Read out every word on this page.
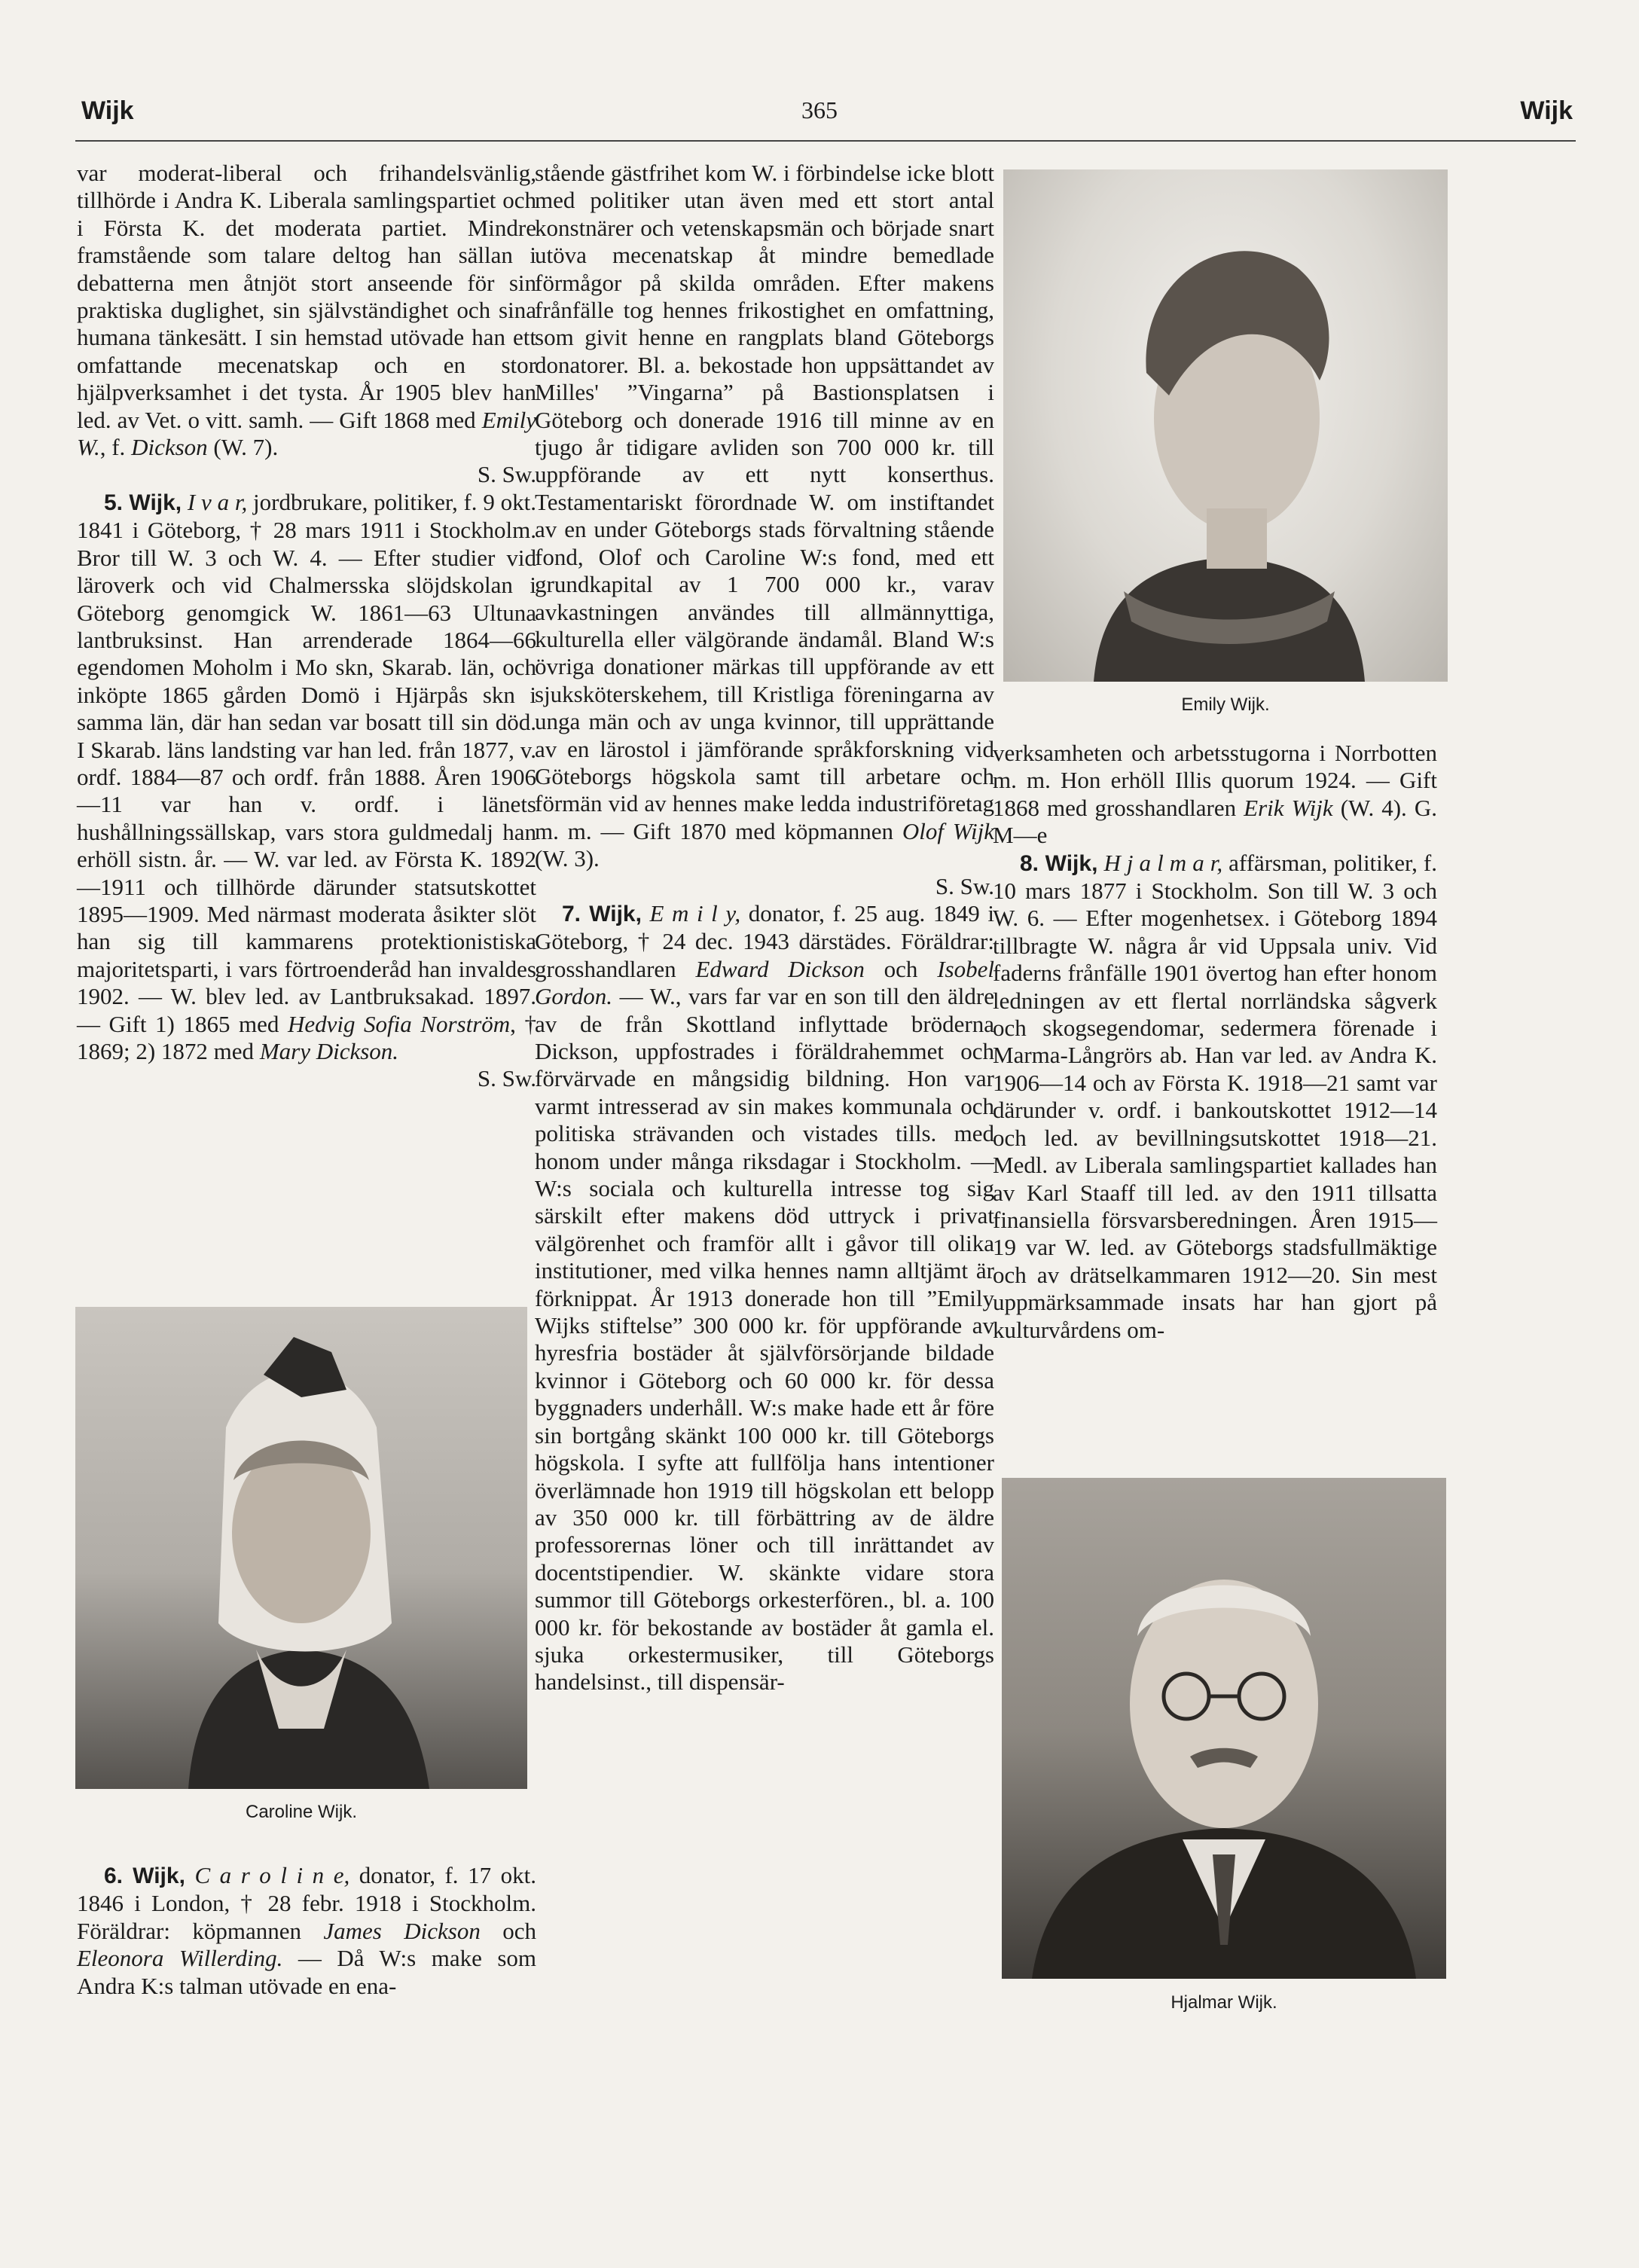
Wijk	365	Wijk

var moderat-liberal och frihandelsvänlig, tillhörde i Andra K. Liberala samlingspartiet och i Första K. det moderata partiet. Mindre framstående som talare deltog han sällan i debatterna men åtnjöt stort anseende för sin praktiska duglighet, sin självständighet och sina humana tänkesätt. I sin hemstad utövade han ett omfattande mecenatskap och en stor hjälpverksamhet i det tysta. År 1905 blev han led. av Vet. o vitt. samh. — Gift 1868 med Emily W., f. Dickson (W. 7).

S. Sw.

5. Wijk, I v a r, jordbrukare, politiker, f. 9 okt. 1841 i Göteborg, † 28 mars 1911 i Stockholm. Bror till W. 3 och W. 4. — Efter studier vid läroverk och vid Chalmersska slöjdskolan i Göteborg genomgick W. 1861—63 Ultuna lantbruksinst. Han arrenderade 1864—66 egendomen Moholm i Mo skn, Skarab. län, och inköpte 1865 gården Domö i Hjärpås skn i samma län, där han sedan var bosatt till sin död. I Skarab. läns landsting var han led. från 1877, v. ordf. 1884—87 och ordf. från 1888. Åren 1906—11 var han v. ordf. i länets hushållningssällskap, vars stora guldmedalj han erhöll sistn. år. — W. var led. av Första K. 1892—1911 och tillhörde därunder statsutskottet 1895—1909. Med närmast moderata åsikter slöt han sig till kammarens protektionistiska majoritetsparti, i vars förtroenderåd han invaldes 1902. — W. blev led. av Lantbruksakad. 1897. — Gift 1) 1865 med Hedvig Sofia Norström, † 1869; 2) 1872 med Mary Dickson.

S. Sw.

Caroline Wijk.

6. Wijk, C a r o l i n e, donator, f. 17 okt. 1846 i London, † 28 febr. 1918 i Stockholm. Föräldrar: köpmannen James Dickson och Eleonora Willerding. — Då W:s make som Andra K:s talman utövade en ena-

stående gästfrihet kom W. i förbindelse icke blott med politiker utan även med ett stort antal konstnärer och vetenskapsmän och började snart utöva mecenatskap åt mindre bemedlade förmågor på skilda områden. Efter makens frånfälle tog hennes frikostighet en omfattning, som givit henne en rangplats bland Göteborgs donatorer. Bl. a. bekostade hon uppsättandet av Milles' ”Vingarna” på Bastionsplatsen i Göteborg och donerade 1916 till minne av en tjugo år tidigare avliden son 700 000 kr. till uppförande av ett nytt konserthus. Testamentariskt förordnade W. om instiftandet av en under Göteborgs stads förvaltning stående fond, Olof och Caroline W:s fond, med ett grundkapital av 1 700 000 kr., varav avkastningen användes till allmännyttiga, kulturella eller välgörande ändamål. Bland W:s övriga donationer märkas till uppförande av ett sjuksköterskehem, till Kristliga föreningarna av unga män och av unga kvinnor, till upprättande av en lärostol i jämförande språkforskning vid Göteborgs högskola samt till arbetare och förmän vid av hennes make ledda industriföretag m. m. — Gift 1870 med köpmannen Olof Wijk (W. 3).

S. Sw.

7. Wijk, E m i l y, donator, f. 25 aug. 1849 i Göteborg, † 24 dec. 1943 därstädes. Föräldrar: grosshandlaren Edward Dickson och Isobel Gordon. — W., vars far var en son till den äldre av de från Skottland inflyttade bröderna Dickson, uppfostrades i föräldrahemmet och förvärvade en mångsidig bildning. Hon var varmt intresserad av sin makes kommunala och politiska strävanden och vistades tills. med honom under många riksdagar i Stockholm. — W:s sociala och kulturella intresse tog sig särskilt efter makens död uttryck i privat välgörenhet och framför allt i gåvor till olika institutioner, med vilka hennes namn alltjämt är förknippat. År 1913 donerade hon till ”Emily Wijks stiftelse” 300 000 kr. för uppförande av hyresfria bostäder åt självförsörjande bildade kvinnor i Göteborg och 60 000 kr. för dessa byggnaders underhåll. W:s make hade ett år före sin bortgång skänkt 100 000 kr. till Göteborgs högskola. I syfte att fullfölja hans intentioner överlämnade hon 1919 till högskolan ett belopp av 350 000 kr. till förbättring av de äldre professorernas löner och till inrättandet av docentstipendier. W. skänkte vidare stora summor till Göteborgs orkesterfören., bl. a. 100 000 kr. för bekostande av bostäder åt gamla el. sjuka orkestermusiker, till Göteborgs handelsinst., till dispensär-

Emily Wijk.

verksamheten och arbetsstugorna i Norrbotten m. m. Hon erhöll Illis quorum 1924. — Gift 1868 med grosshandlaren Erik Wijk (W. 4). G. M—e

8. Wijk, H j a l m a r, affärsman, politiker, f. 10 mars 1877 i Stockholm. Son till W. 3 och W. 6. — Efter mogenhetsex. i Göteborg 1894 tillbragte W. några år vid Uppsala univ. Vid faderns frånfälle 1901 övertog han efter honom ledningen av ett flertal norrländska sågverk och skogsegendomar, sedermera förenade i Marma-Långrörs ab. Han var led. av Andra K. 1906—14 och av Första K. 1918—21 samt var därunder v. ordf. i bankoutskottet 1912—14 och led. av bevillningsutskottet 1918—21. Medl. av Liberala samlingspartiet kallades han av Karl Staaff till led. av den 1911 tillsatta finansiella försvarsberedningen. Åren 1915—19 var W. led. av Göteborgs stadsfullmäktige och av drätselkammaren 1912—20. Sin mest uppmärksammade insats har han gjort på kulturvårdens om-

Hjalmar Wijk.
